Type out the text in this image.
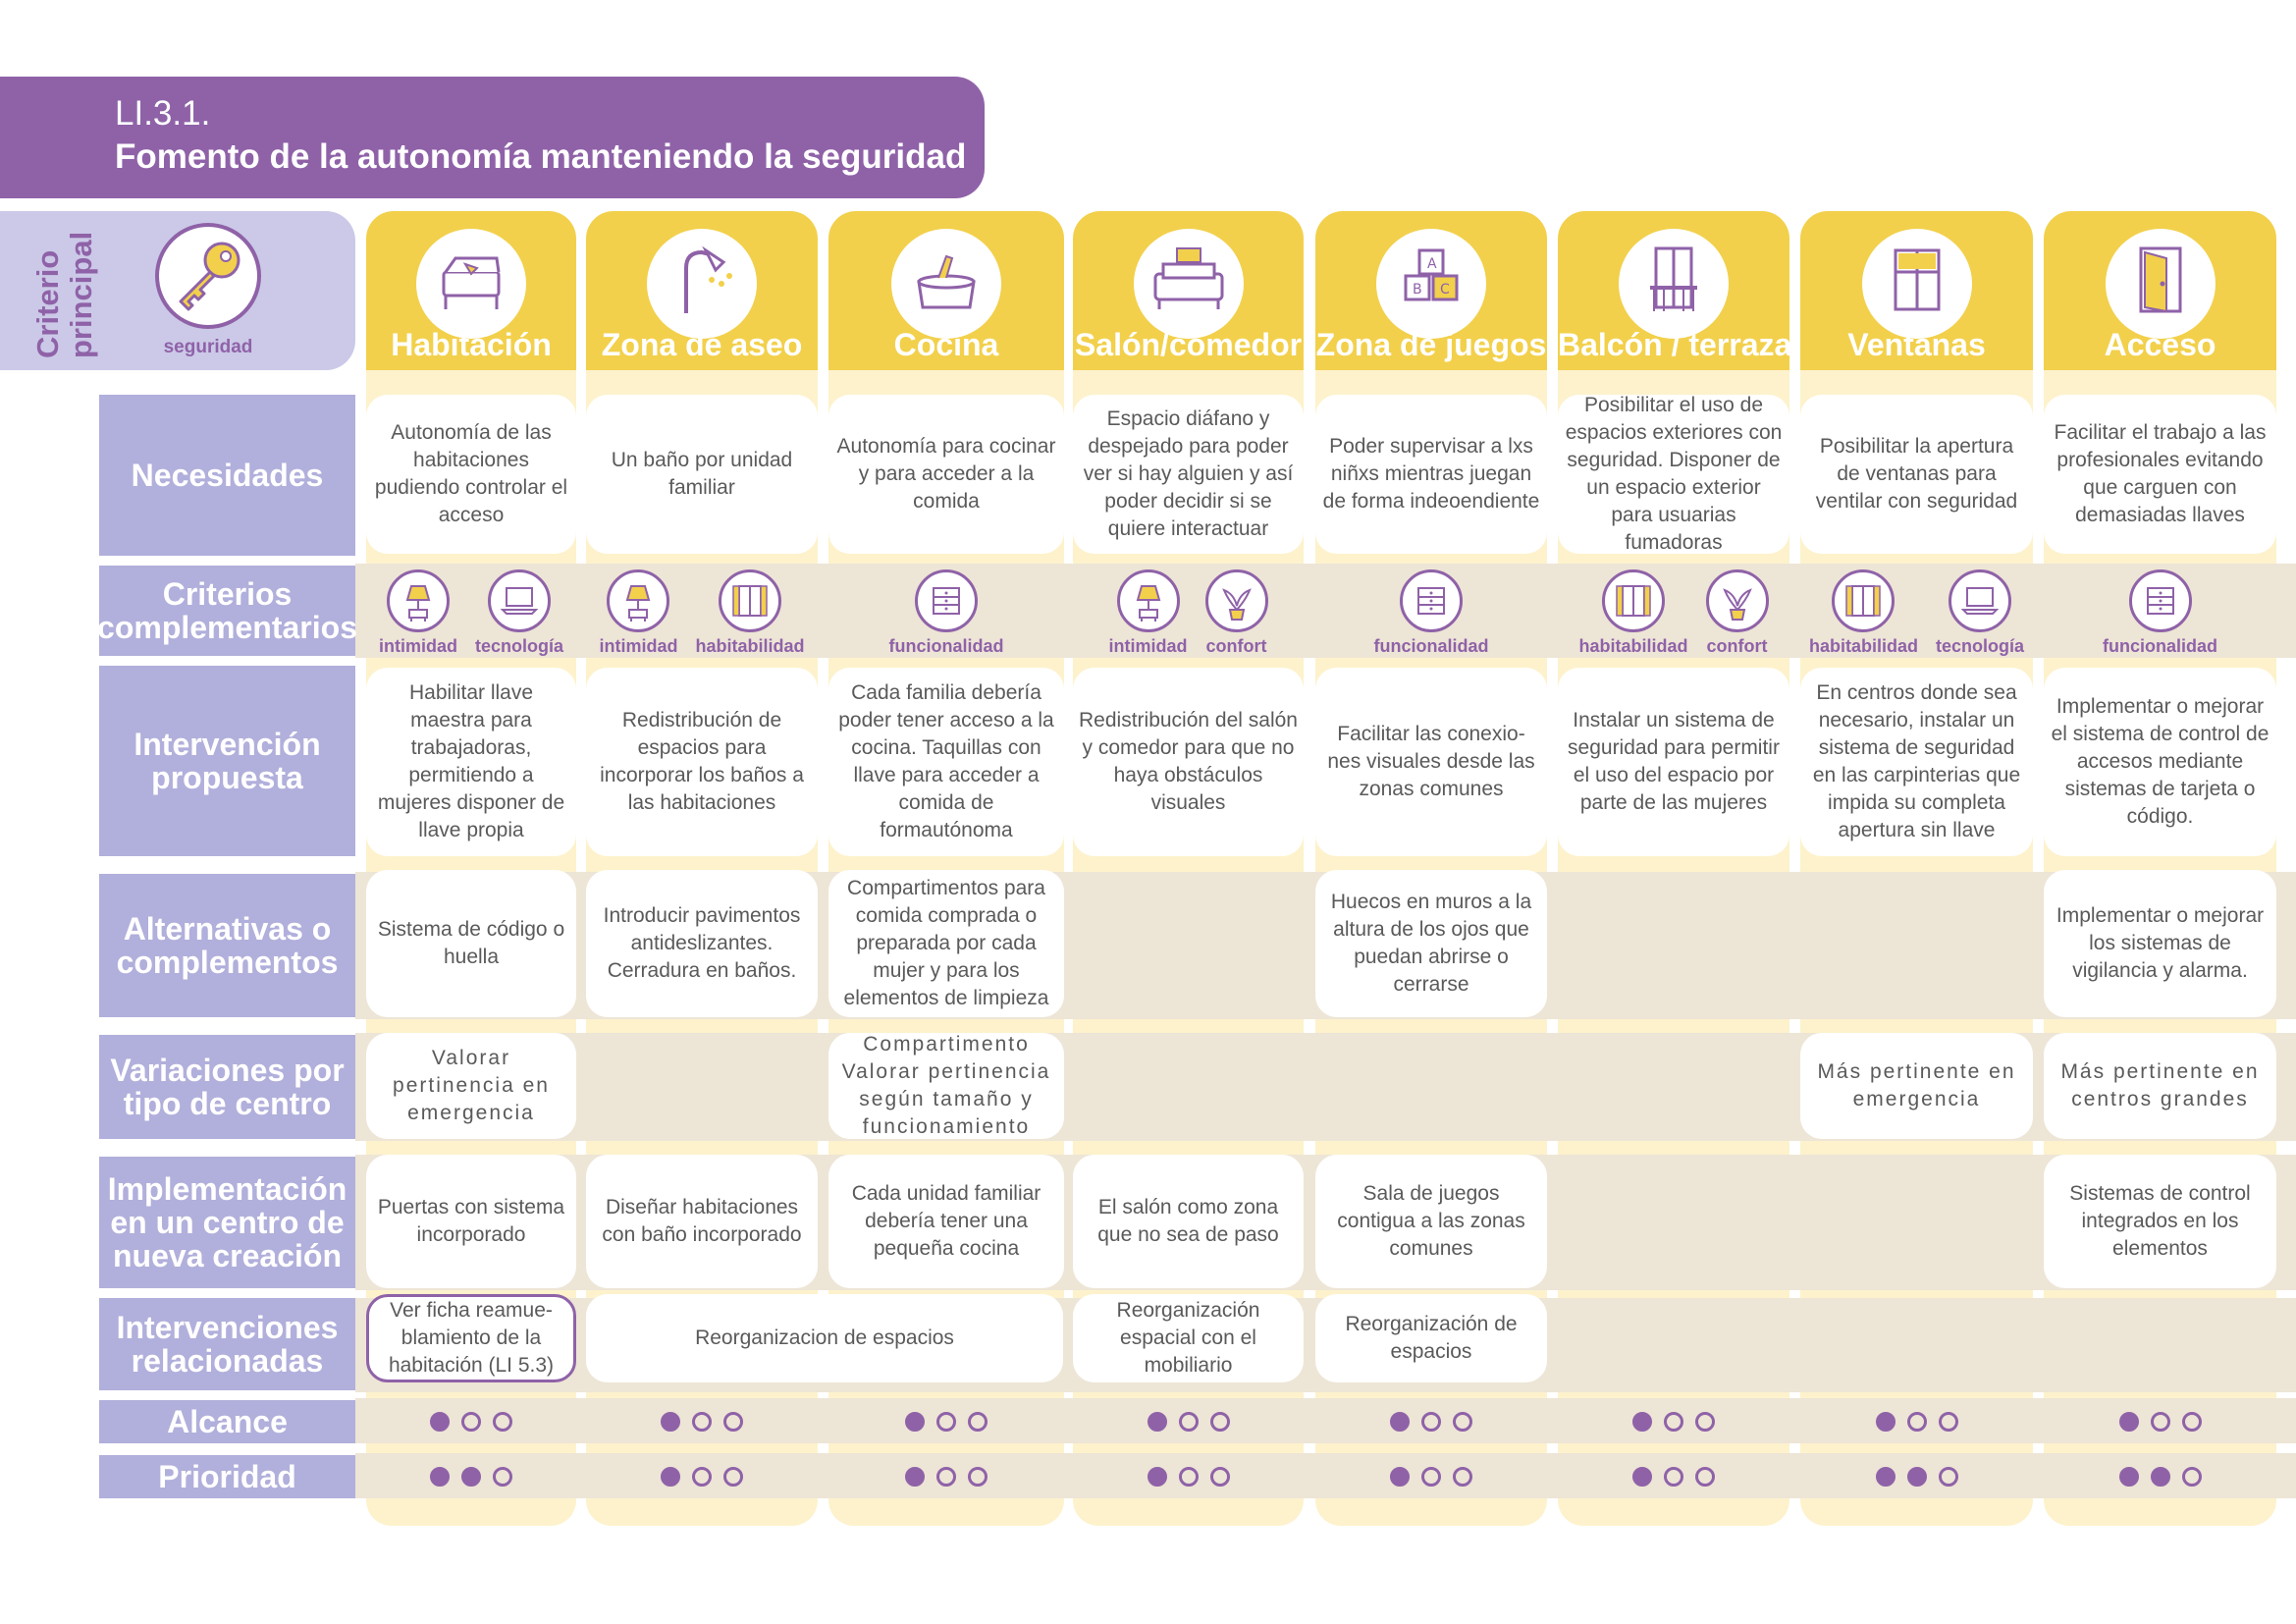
LI.3.1.
Fomento de la autonomía manteniendo la seguridad
Criterio principal	seguridad
Necesidades
Criterios
complementarios
Intervención
propuesta
Alternativas o
complementos
Variaciones por
tipo de centro
Implementación
en un centro de
nueva creación
Intervenciones
relacionadas
Alcance
Prioridad
Habitación
Autonomía de las habitaciones pudiendo controlar el acceso
Habilitar llave maestra para trabajadoras, permitiendo a mujeres disponer de llave propia
Sistema de código o huella
Valorar pertinencia en emergencia
Puertas con sistema incorporado
intimidad tecnología
Zona de aseo
Un baño por unidad familiar
Redistribución de espacios para incorporar los baños a las habitaciones
Introducir pavimentos antideslizantes. Cerradura en baños.
Diseñar habitaciones con baño incorporado
intimidad habitabilidad
Cocina
Autonomía para cocinar y para acceder a la comida
Cada familia debería poder tener acceso a la cocina. Taquillas con llave para acceder a comida de formautónoma
Compartimentos para comida comprada o preparada por cada mujer y para los elementos de limpieza
Compartimento Valorar pertinencia según tamaño y funcionamiento
Cada unidad familiar debería tener una pequeña cocina
funcionalidad
Salón/comedor
Espacio diáfano y despejado para poder ver si hay alguien y así poder decidir si se quiere interactuar
Redistribución del salón y comedor para que no haya obstáculos visuales
El salón como zona que no sea de paso
intimidad confort
A
B C
Zona de juegos
Poder supervisar a lxs niñxs mientras juegan de forma indeoendiente
Facilitar las conexio-nes visuales desde las zonas comunes
Huecos en muros a la altura de los ojos que puedan abrirse o cerrarse
Sala de juegos contigua a las zonas comunes
funcionalidad
Balcón / terraza
Posibilitar el uso de espacios exteriores con seguridad. Disponer de un espacio exterior para usuarias fumadoras
Instalar un sistema de seguridad para permitir el uso del espacio por parte de las mujeres
habitabilidad confort
Ventanas
Posibilitar la apertura de ventanas para ventilar con seguridad
En centros donde sea necesario, instalar un sistema de seguridad en las carpinterias que impida su completa apertura sin llave
Más pertinente en emergencia
habitabilidad tecnología
Acceso
Facilitar el trabajo a las profesionales evitando que carguen con demasiadas llaves
Implementar o mejorar el sistema de control de accesos mediante sistemas de tarjeta o código.
Implementar o mejorar los sistemas de vigilancia y alarma.
Más pertinente en centros grandes
Sistemas de control integrados en los elementos
funcionalidad
Ver ficha reamue-blamiento de la habitación (LI 5.3)
Reorganizacion de espacios
Reorganización espacial con el mobiliario
Reorganización de espacios
